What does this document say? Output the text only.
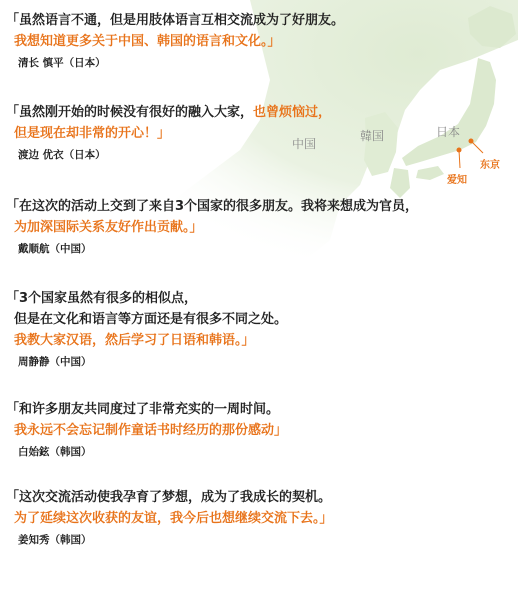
中国
韓国	日本
东京
爱知
「虽然语言不通，但是用肢体语言互相交流成为了好朋友。
我想知道更多关于中国、韩国的语言和文化。」
清长 慎平（日本）
「虽然刚开始的时候没有很好的融入大家，也曾烦恼过，
但是现在却非常的开心！」
渡边 优衣（日本）
「在这次的活动上交到了来自3个国家的很多朋友。我将来想成为官员，
为加深国际关系友好作出贡献。」
戴顺航（中国）
「3个国家虽然有很多的相似点，
但是在文化和语言等方面还是有很多不同之处。
我教大家汉语，然后学习了日语和韩语。」
周静静（中国）
「和许多朋友共同度过了非常充实的一周时间。
我永远不会忘记制作童话书时经历的那份感动」
白始鉉（韩国）
「这次交流活动使我孕育了梦想，成为了我成长的契机。
为了延续这次收获的友谊，我今后也想继续交流下去。」
姜知秀（韩国）
